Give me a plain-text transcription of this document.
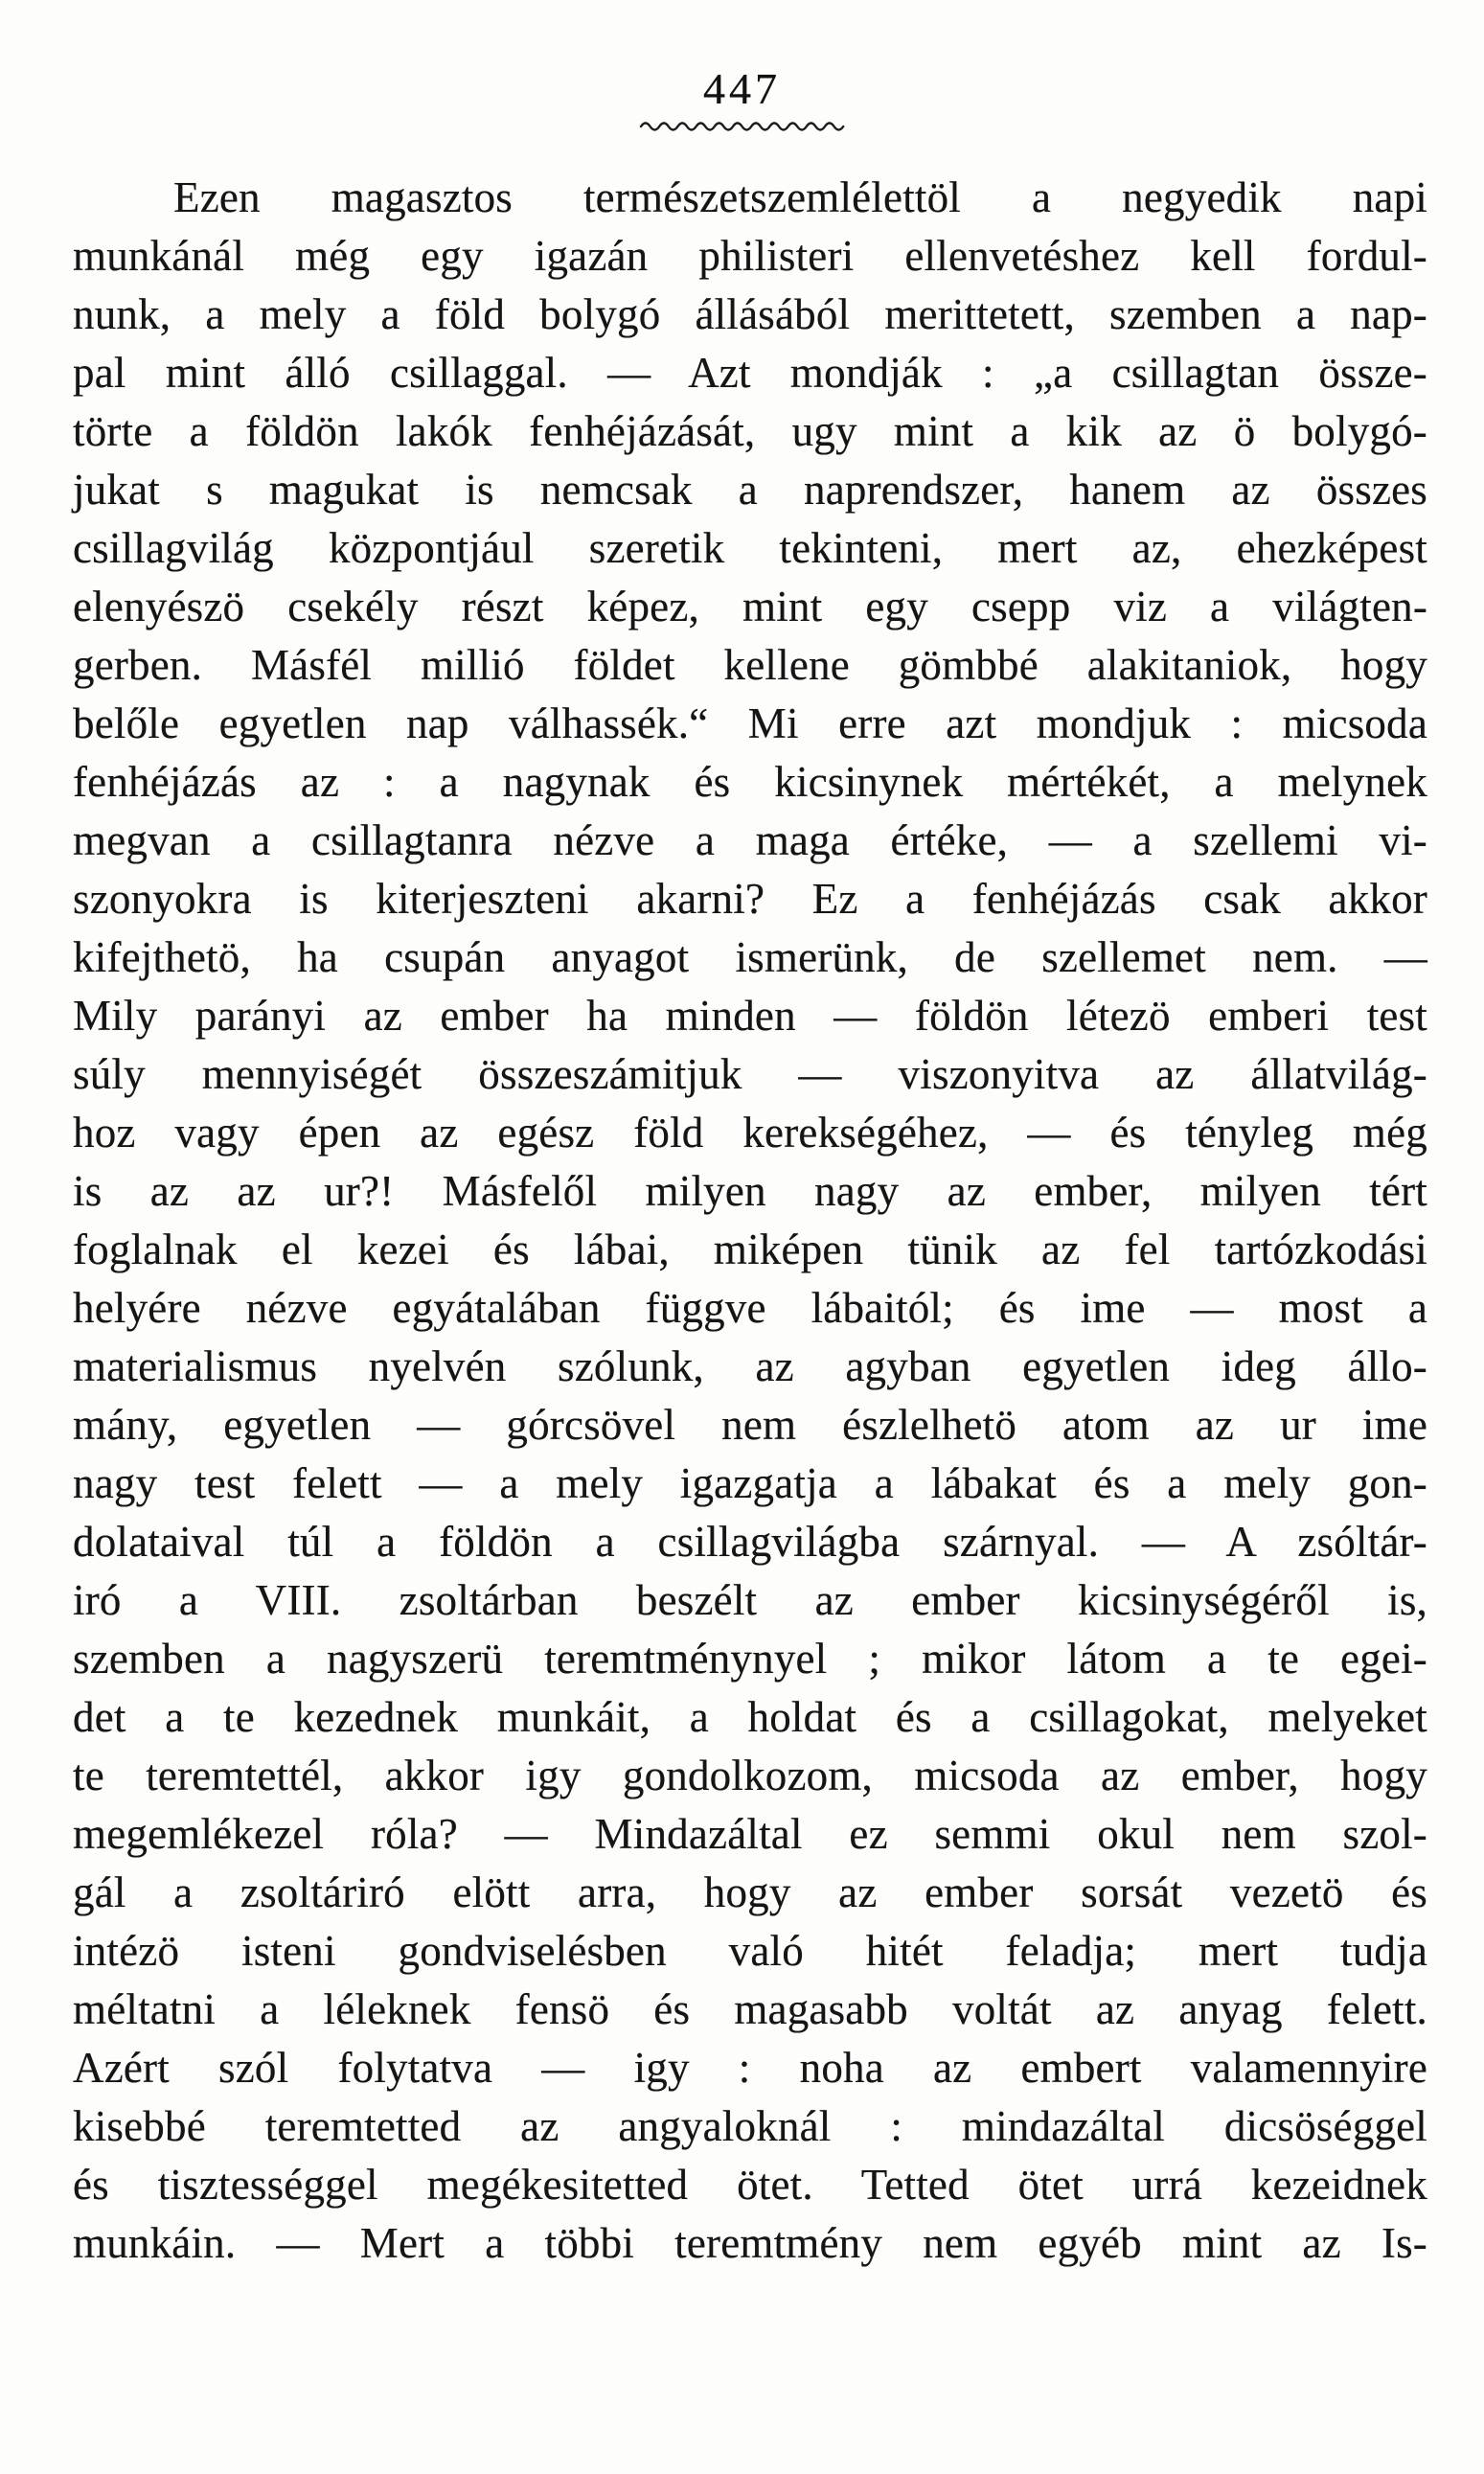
447
Ezen magasztos természetszemlélettöl a negyedik napi
munkánál még egy igazán philisteri ellenvetéshez kell fordul-
nunk, a mely a föld bolygó állásából merittetett, szemben a nap-
pal mint álló csillaggal. — Azt mondják : „a csillagtan össze-
törte a földön lakók fenhéjázását, ugy mint a kik az ö bolygó-
jukat s magukat is nemcsak a naprendszer, hanem az összes
csillagvilág központjául szeretik tekinteni, mert az, ehezképest
elenyészö csekély részt képez, mint egy csepp viz a világten-
gerben. Másfél millió földet kellene gömbbé alakitaniok, hogy
belőle egyetlen nap válhassék.“ Mi erre azt mondjuk : micsoda
fenhéjázás az : a nagynak és kicsinynek mértékét, a melynek
megvan a csillagtanra nézve a maga értéke, — a szellemi vi-
szonyokra is kiterjeszteni akarni? Ez a fenhéjázás csak akkor
kifejthetö, ha csupán anyagot ismerünk, de szellemet nem. —
Mily parányi az ember ha minden — földön létezö emberi test
súly mennyiségét összeszámitjuk — viszonyitva az állatvilág-
hoz vagy épen az egész föld kerekségéhez, — és tényleg még
is az az ur?! Másfelől milyen nagy az ember, milyen tért
foglalnak el kezei és lábai, miképen tünik az fel tartózkodási
helyére nézve egyátalában függve lábaitól; és ime — most a
materialismus nyelvén szólunk, az agyban egyetlen ideg állo-
mány, egyetlen — górcsövel nem észlelhetö atom az ur ime
nagy test felett — a mely igazgatja a lábakat és a mely gon-
dolataival túl a földön a csillagvilágba szárnyal. — A zsóltár-
iró a VIII. zsoltárban beszélt az ember kicsinységéről is,
szemben a nagyszerü teremtménynyel ; mikor látom a te egei-
det a te kezednek munkáit, a holdat és a csillagokat, melyeket
te teremtettél, akkor igy gondolkozom, micsoda az ember, hogy
megemlékezel róla? — Mindazáltal ez semmi okul nem szol-
gál a zsoltáriró elött arra, hogy az ember sorsát vezetö és
intézö isteni gondviselésben való hitét feladja; mert tudja
méltatni a léleknek fensö és magasabb voltát az anyag felett.
Azért szól folytatva — igy : noha az embert valamennyire
kisebbé teremtetted az angyaloknál : mindazáltal dicsöséggel
és tisztességgel megékesitetted ötet. Tetted ötet urrá kezeidnek
munkáin. — Mert a többi teremtmény nem egyéb mint az Is-
